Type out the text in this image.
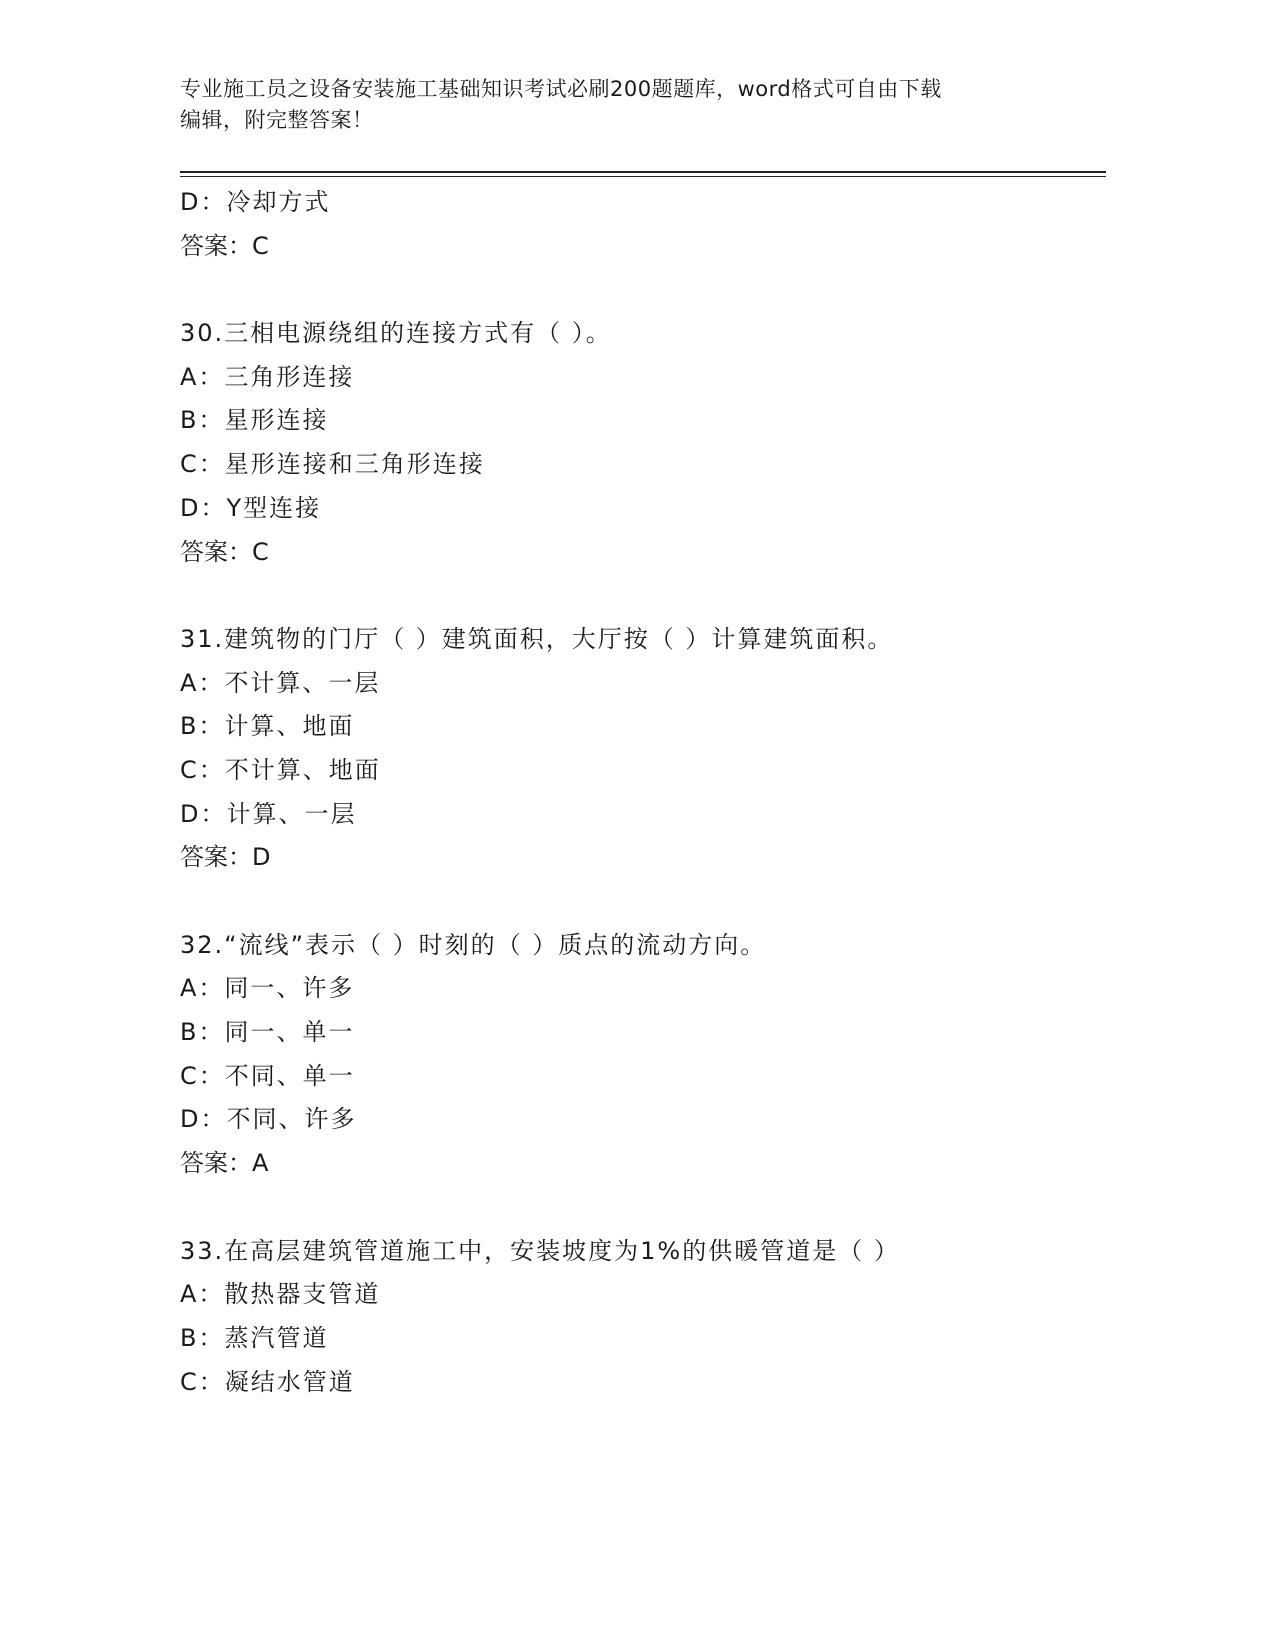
专业施工员之设备安装施工基础知识考试必刷200题题库，word格式可自由下载
编辑，附完整答案！
D：冷却方式
答案：C
30.三相电源绕组的连接方式有（ ）。
A：三角形连接
B：星形连接
C：星形连接和三角形连接
D：Y型连接
答案：C
31.建筑物的门厅（ ）建筑面积，大厅按（ ）计算建筑面积。
A：不计算、一层
B：计算、地面
C：不计算、地面
D：计算、一层
答案：D
32.“流线”表示（ ）时刻的（ ）质点的流动方向。
A：同一、许多
B：同一、单一
C：不同、单一
D：不同、许多
答案：A
33.在高层建筑管道施工中，安装坡度为1%的供暖管道是（ ）
A：散热器支管道
B：蒸汽管道
C：凝结水管道
